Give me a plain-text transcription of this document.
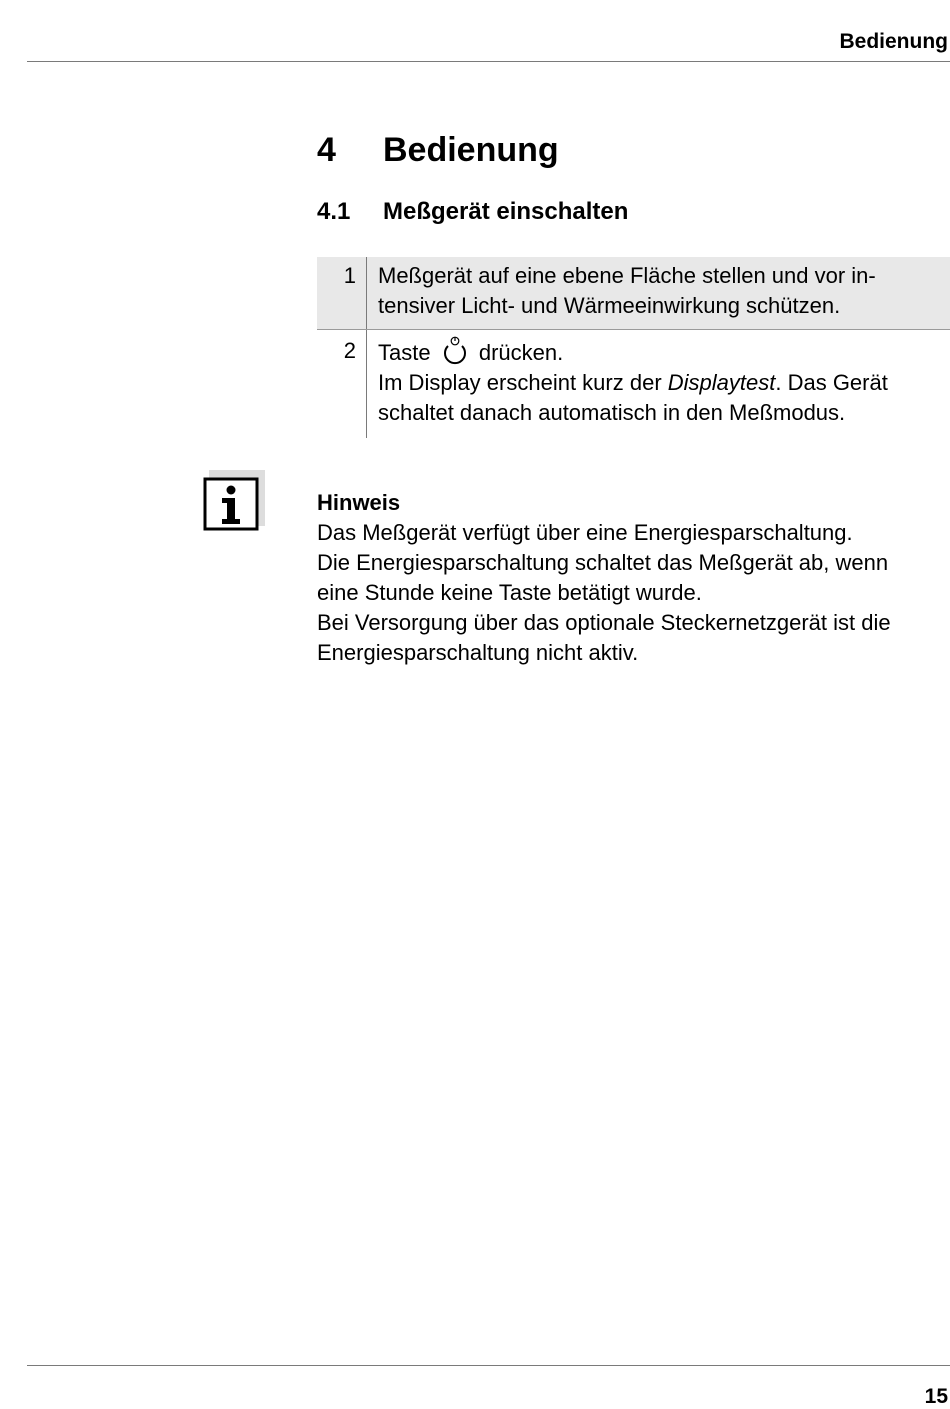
Bedienung
4 Bedienung
4.1 Meßgerät einschalten
1	Meßgerät auf eine ebene Fläche stellen und vor in-
tensiver Licht- und Wärmeeinwirkung schützen.
2	Taste drücken.
Im Display erscheint kurz der Displaytest. Das Gerät
schaltet danach automatisch in den Meßmodus.

Hinweis

Das Meßgerät verfügt über eine Energiesparschaltung.

Die Energiesparschaltung schaltet das Meßgerät ab, wenn

eine Stunde keine Taste betätigt wurde.

Bei Versorgung über das optionale Steckernetzgerät ist die

Energiesparschaltung nicht aktiv.

15
